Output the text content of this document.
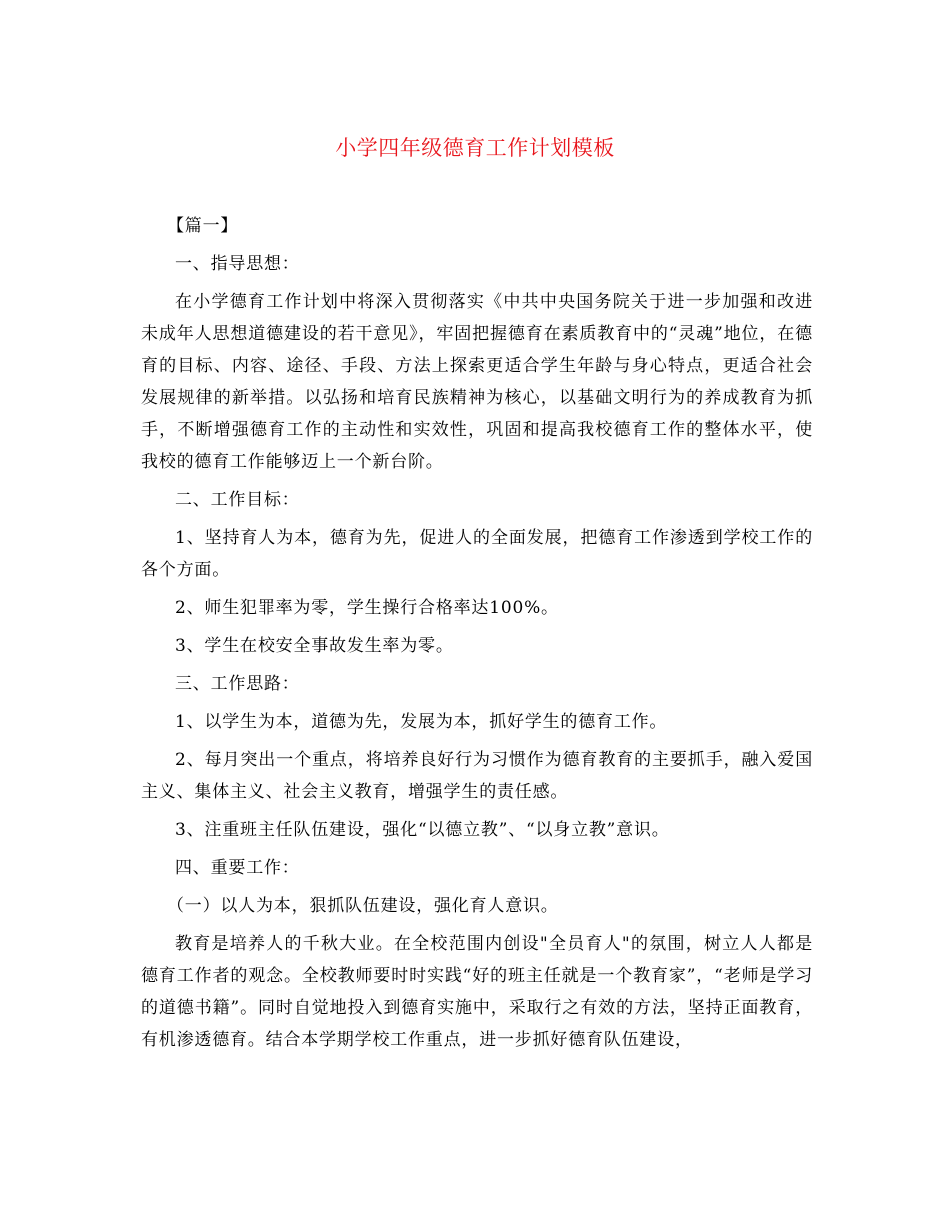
小学四年级德育工作计划模板

【篇一】

一、指导思想：

在小学德育工作计划中将深入贯彻落实《中共中央国务院关于进一步加强和改进未成年人思想道德建设的若干意见》，牢固把握德育在素质教育中的“灵魂”地位，在德育的目标、内容、途径、手段、方法上探索更适合学生年龄与身心特点，更适合社会发展规律的新举措。以弘扬和培育民族精神为核心，以基础文明行为的养成教育为抓手，不断增强德育工作的主动性和实效性，巩固和提高我校德育工作的整体水平，使我校的德育工作能够迈上一个新台阶。

二、工作目标：

1、坚持育人为本，德育为先，促进人的全面发展，把德育工作渗透到学校工作的各个方面。

2、师生犯罪率为零，学生操行合格率达100%。

3、学生在校安全事故发生率为零。

三、工作思路：

1、以学生为本，道德为先，发展为本，抓好学生的德育工作。

2、每月突出一个重点，将培养良好行为习惯作为德育教育的主要抓手，融入爱国主义、集体主义、社会主义教育，增强学生的责任感。

3、注重班主任队伍建设，强化“以德立教”、“以身立教”意识。

四、重要工作：

（一）以人为本，狠抓队伍建设，强化育人意识。

教育是培养人的千秋大业。在全校范围内创设"全员育人"的氛围，树立人人都是德育工作者的观念。全校教师要时时实践“好的班主任就是一个教育家”，“老师是学习的道德书籍”。同时自觉地投入到德育实施中，采取行之有效的方法，坚持正面教育，有机渗透德育。结合本学期学校工作重点，进一步抓好德育队伍建设，
